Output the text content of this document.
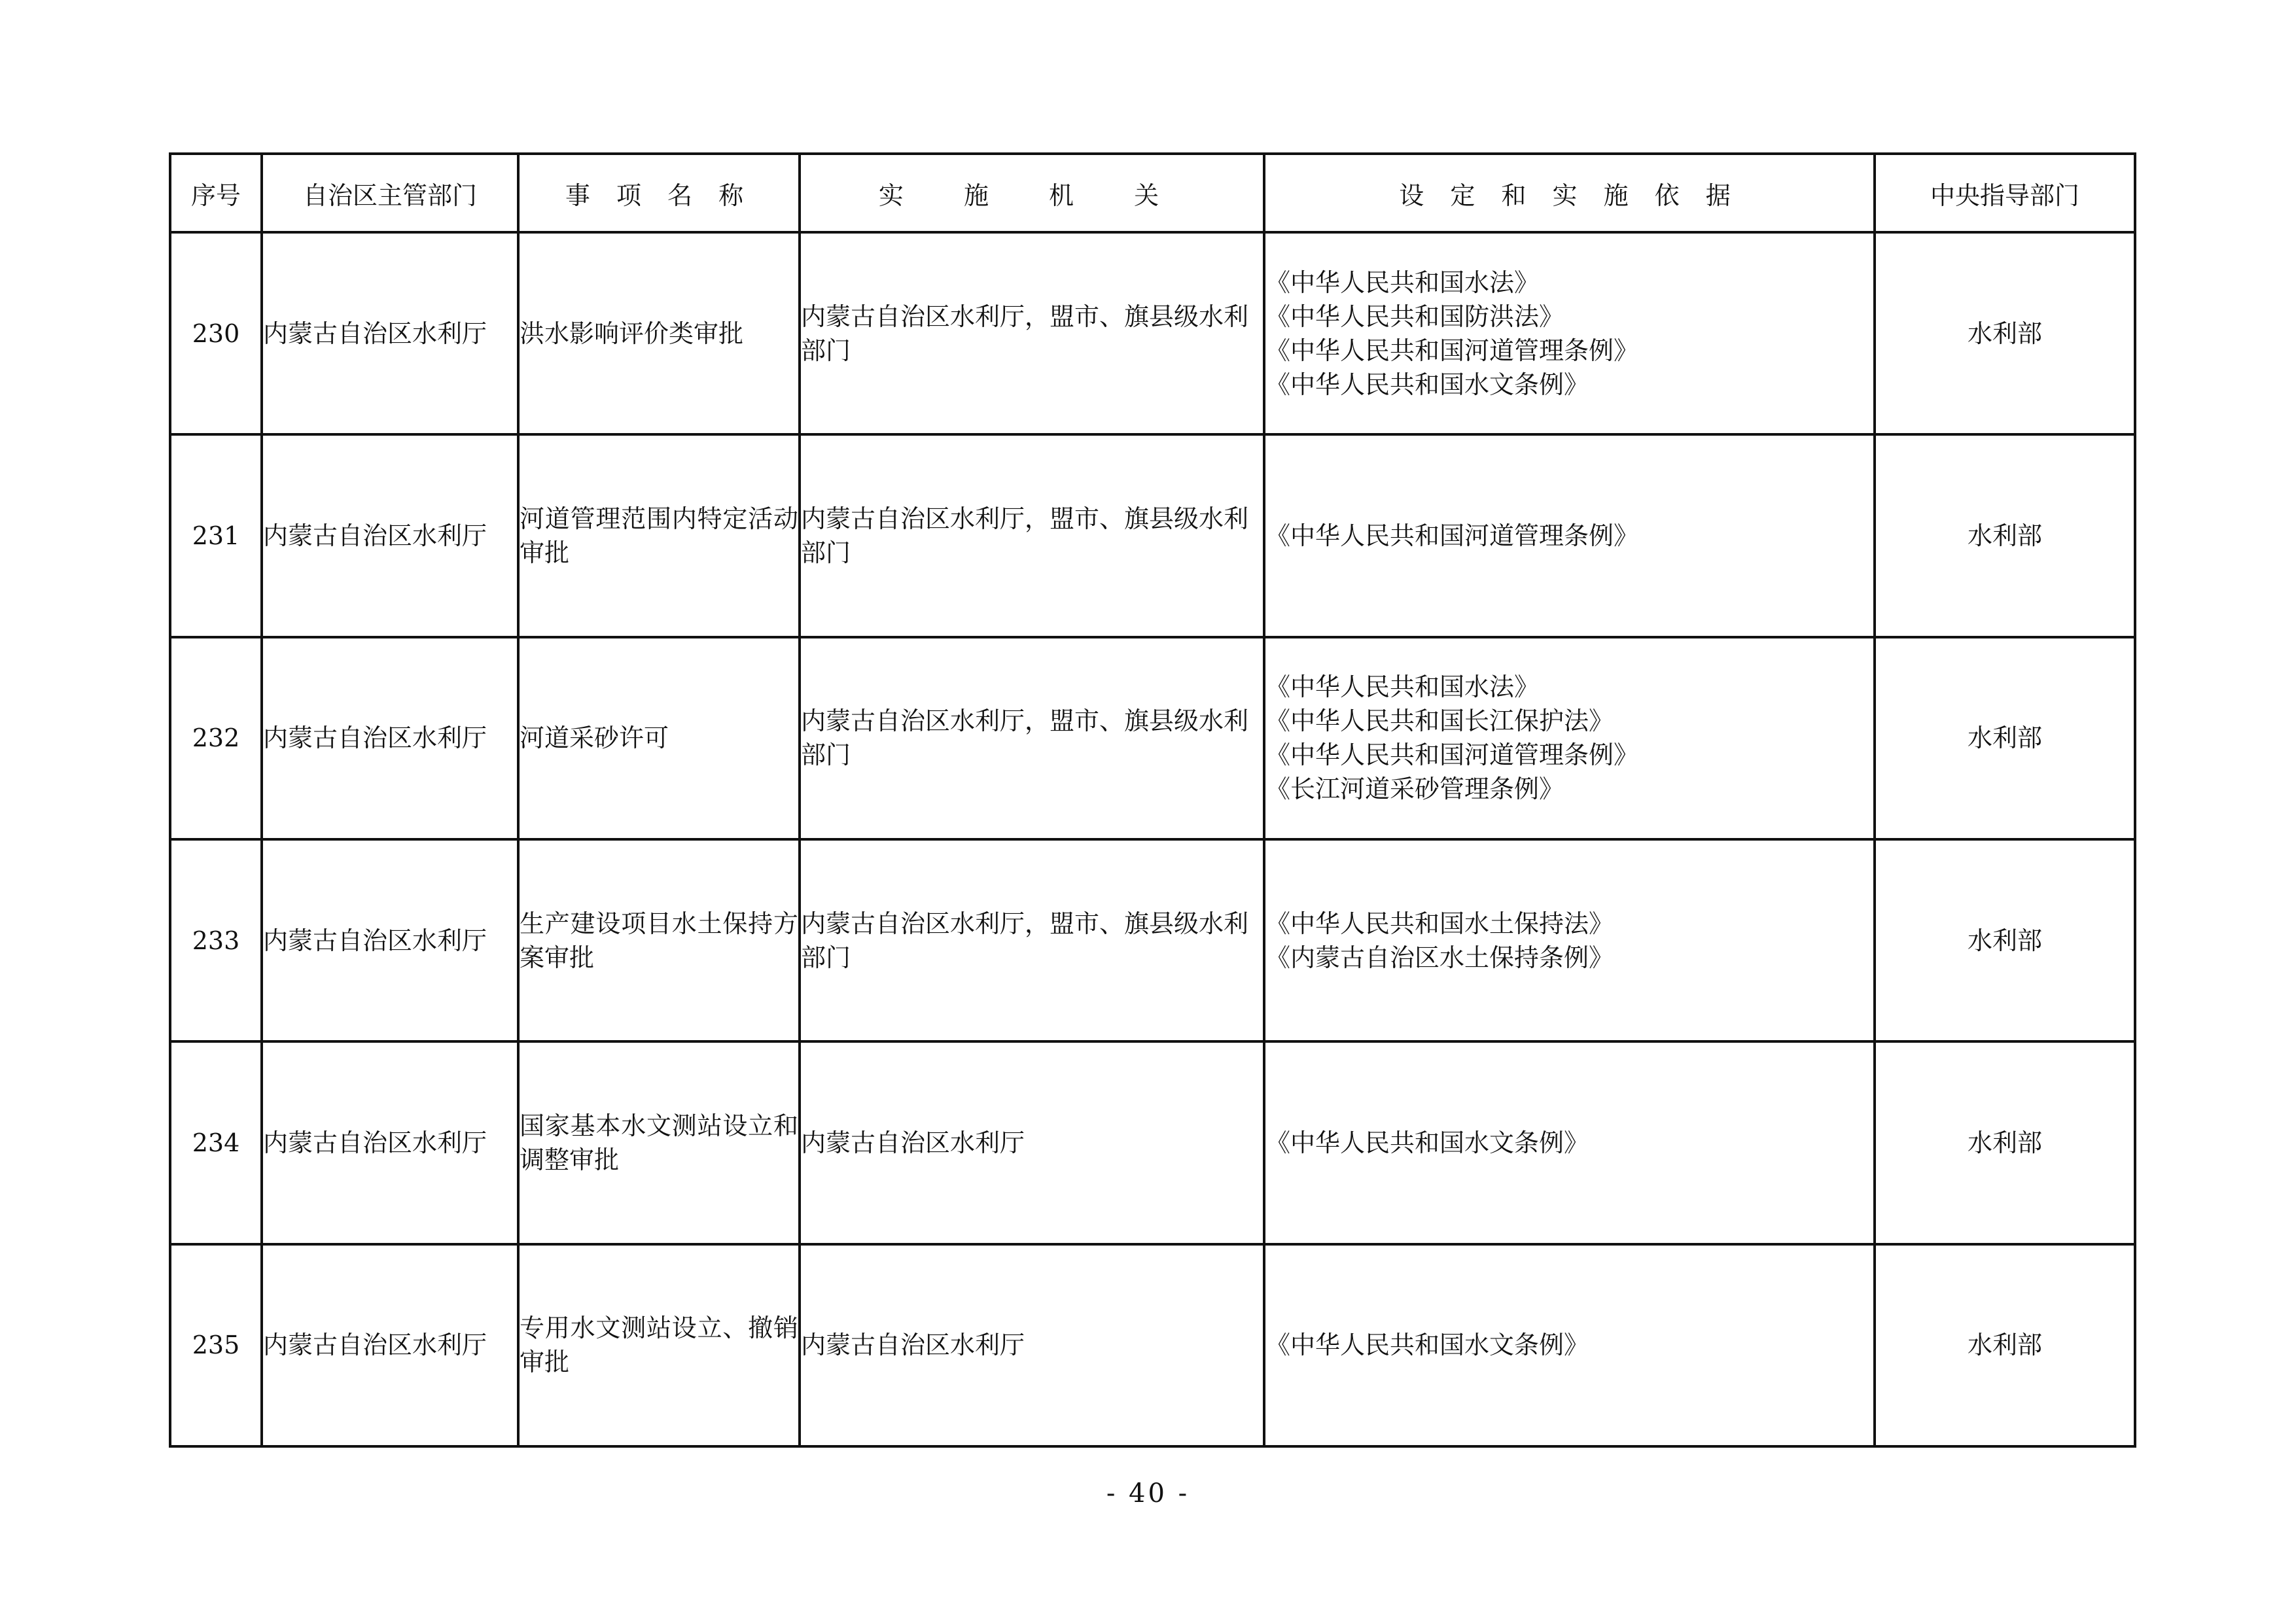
序号	自治区主管部门	事 项 名 称	实 施 机 关	设 定 和 实 施 依 据	中央指导部门
230	内蒙古自治区水利厅	洪水影响评价类审批	内蒙古自治区水利厅，盟市、旗县级水利部门	《中华人民共和国水法》
《中华人民共和国防洪法》
《中华人民共和国河道管理条例》
《中华人民共和国水文条例》	水利部
231	内蒙古自治区水利厅	河道管理范围内特定活动审批	内蒙古自治区水利厅，盟市、旗县级水利部门	《中华人民共和国河道管理条例》	水利部
232	内蒙古自治区水利厅	河道采砂许可	内蒙古自治区水利厅，盟市、旗县级水利部门	《中华人民共和国水法》
《中华人民共和国长江保护法》
《中华人民共和国河道管理条例》
《长江河道采砂管理条例》	水利部
233	内蒙古自治区水利厅	生产建设项目水土保持方案审批	内蒙古自治区水利厅，盟市、旗县级水利部门	《中华人民共和国水土保持法》
《内蒙古自治区水土保持条例》	水利部
234	内蒙古自治区水利厅	国家基本水文测站设立和调整审批	内蒙古自治区水利厅	《中华人民共和国水文条例》	水利部
235	内蒙古自治区水利厅	专用水文测站设立、撤销审批	内蒙古自治区水利厅	《中华人民共和国水文条例》	水利部
- 40 -
